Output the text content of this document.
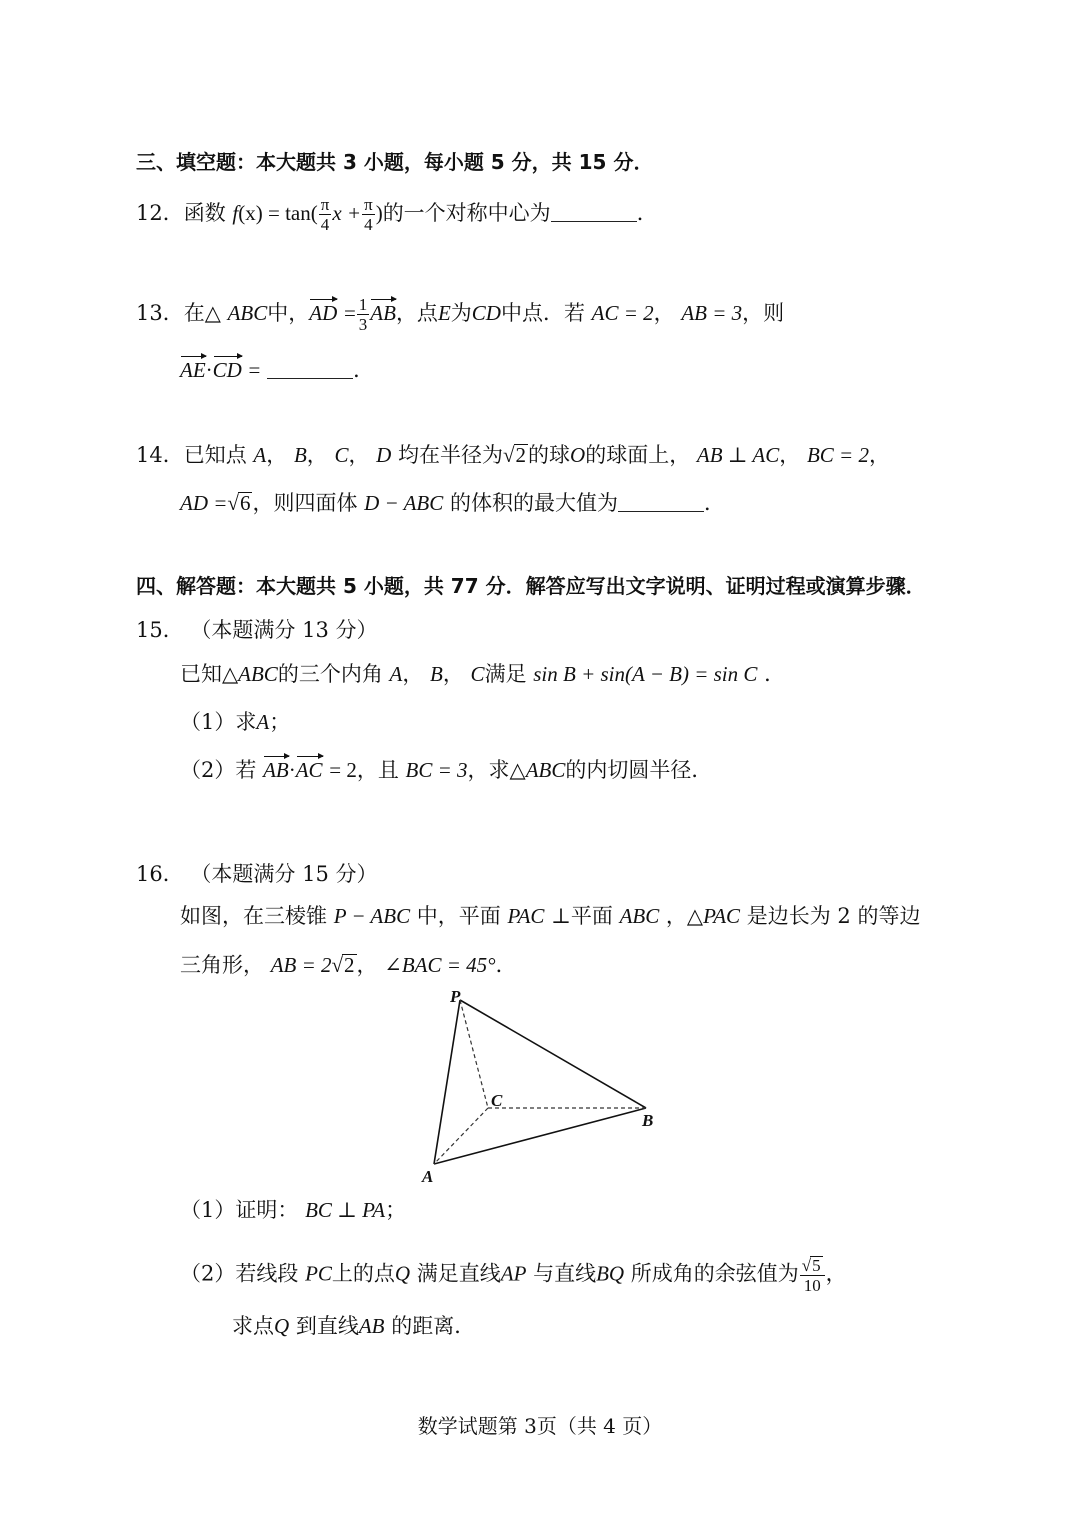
三、填空题：本大题共 3 小题，每小题 5 分，共 15 分．
12．函数 $f(x) = \tan( \frac{\pi}{4}$ $x + \frac{\pi}{4}$ )的一个对称中心为	．
13．在△ ABC中，AD = $\frac{1}{3}$ AB，点E为CD中点．若 AC = 2， AB = 3，则
AE·CD =	．
14．已知点 A， B， C， D 均在半径为√2的球O的球面上， AB ⊥ AC， BC = 2，
AD =√6，则四面体 D − ABC 的体积的最大值为	．
四、解答题：本大题共 5 小题，共 77 分．解答应写出文字说明、证明过程或演算步骤．
15． （本题满分 13 分）
已知△ABC的三个内角 A， B， C满足 sin B + sin(A − B) = sin C ．
（1）求A；
（2）若 AB·AC = 2，且 BC = 3，求△ABC的内切圆半径．
16． （本题满分 15 分）
如图，在三棱锥 P − ABC 中，平面 PAC ⊥平面 ABC ，△PAC 是边长为 2 的等边
三角形， AB = 2√2， ∠BAC = 45°．
P
C
B
A
（1）证明： BC ⊥ PA；
（2）若线段 PC上的点Q 满足直线AP 与直线BQ 所成角的余弦值为 $\frac{√5}{10}$ ，
求点Q 到直线AB 的距离．
数学试题第 3页（共 4 页）
